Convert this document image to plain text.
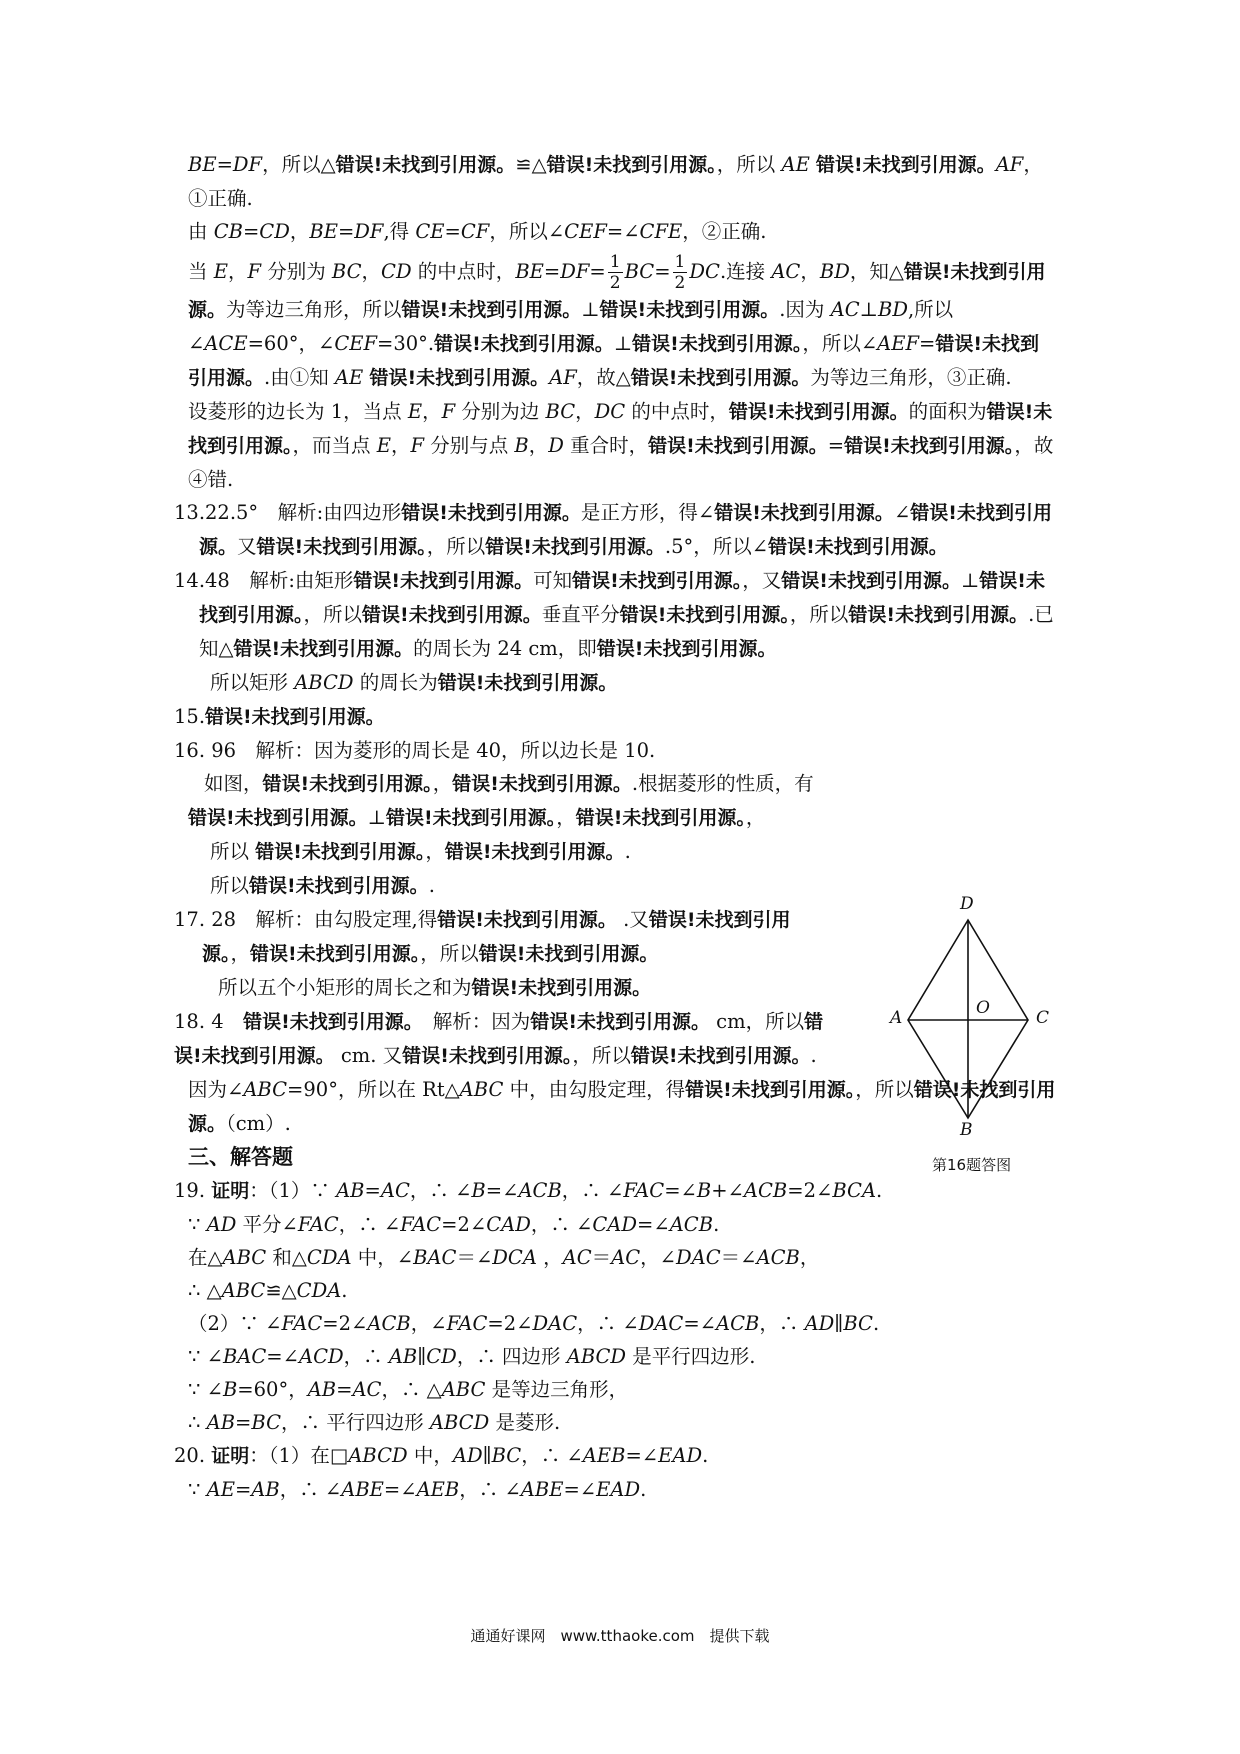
BE=DF，所以△错误!未找到引用源。≌△错误!未找到引用源。，所以 AE 错误!未找到引用源。AF，①正确.

由 CB=CD，BE=DF,得 CE=CF，所以∠CEF=∠CFE，②正确.

当 E，F 分别为 BC，CD 的中点时，$BE=DF= \frac{1}{2} BC= \frac{1}{2}$ DC.连接 AC，BD，知△错误!未找到引用源。为等边三角形，所以错误!未找到引用源。⊥错误!未找到引用源。.因为 AC⊥BD,所以∠ACE=60°，∠CEF=30°.错误!未找到引用源。⊥错误!未找到引用源。，所以∠AEF=错误!未找到引用源。.由①知 AE 错误!未找到引用源。AF，故△错误!未找到引用源。为等边三角形，③正确.

设菱形的边长为 1，当点 E，F 分别为边 BC，DC 的中点时，错误!未找到引用源。的面积为错误!未找到引用源。，而当点 E，F 分别与点 B，D 重合时，错误!未找到引用源。=错误!未找到引用源。，故④错.

13.22.5°　解析:由四边形错误!未找到引用源。是正方形，得∠错误!未找到引用源。∠错误!未找到引用源。又错误!未找到引用源。，所以错误!未找到引用源。.5°，所以∠错误!未找到引用源。

14.48　解析:由矩形错误!未找到引用源。可知错误!未找到引用源。，又错误!未找到引用源。⊥错误!未找到引用源。，所以错误!未找到引用源。垂直平分错误!未找到引用源。，所以错误!未找到引用源。.已知△错误!未找到引用源。的周长为 24 cm，即错误!未找到引用源。

所以矩形 ABCD 的周长为错误!未找到引用源。

15.错误!未找到引用源。

16. 96　解析：因为菱形的周长是 40，所以边长是 10.

如图，错误!未找到引用源。，错误!未找到引用源。.根据菱形的性质，有错误!未找到引用源。⊥错误!未找到引用源。，错误!未找到引用源。，

所以 错误!未找到引用源。，错误!未找到引用源。.

所以错误!未找到引用源。.

17. 28　解析：由勾股定理,得错误!未找到引用源。 .又错误!未找到引用源。，错误!未找到引用源。，所以错误!未找到引用源。

所以五个小矩形的周长之和为错误!未找到引用源。

18. 4　错误!未找到引用源。　解析：因为错误!未找到引用源。 cm，所以错误!未找到引用源。 cm. 又错误!未找到引用源。，所以错误!未找到引用源。.

因为∠ABC=90°，所以在 Rt△ABC 中，由勾股定理，得错误!未找到引用源。，所以错误!未找到引用源。（cm）.

三、解答题

19. 证明：（1）∵ AB=AC，∴ ∠B=∠ACB，∴ ∠FAC=∠B+∠ACB=2∠BCA.

∵ AD 平分∠FAC，∴ ∠FAC=2∠CAD，∴ ∠CAD=∠ACB.

在△ABC 和△CDA 中，∠BAC＝∠DCA ，AC＝AC，∠DAC＝∠ACB，

∴ △ABC≌△CDA.

（2）∵ ∠FAC=2∠ACB，∠FAC=2∠DAC，∴ ∠DAC=∠ACB，∴ AD∥BC.

∵ ∠BAC=∠ACD，∴ AB∥CD，∴ 四边形 ABCD 是平行四边形.

∵ ∠B=60°，AB=AC，∴ △ABC 是等边三角形，

∴ AB=BC，∴ 平行四边形 ABCD 是菱形.

20. 证明：（1）在□ABCD 中，AD∥BC，∴ ∠AEB=∠EAD.

∵ AE=AB，∴ ∠ABE=∠AEB，∴ ∠ABE=∠EAD.

D
A	O	C
B
第16题答图
通通好课网　www.tthaoke.com　提供下载
